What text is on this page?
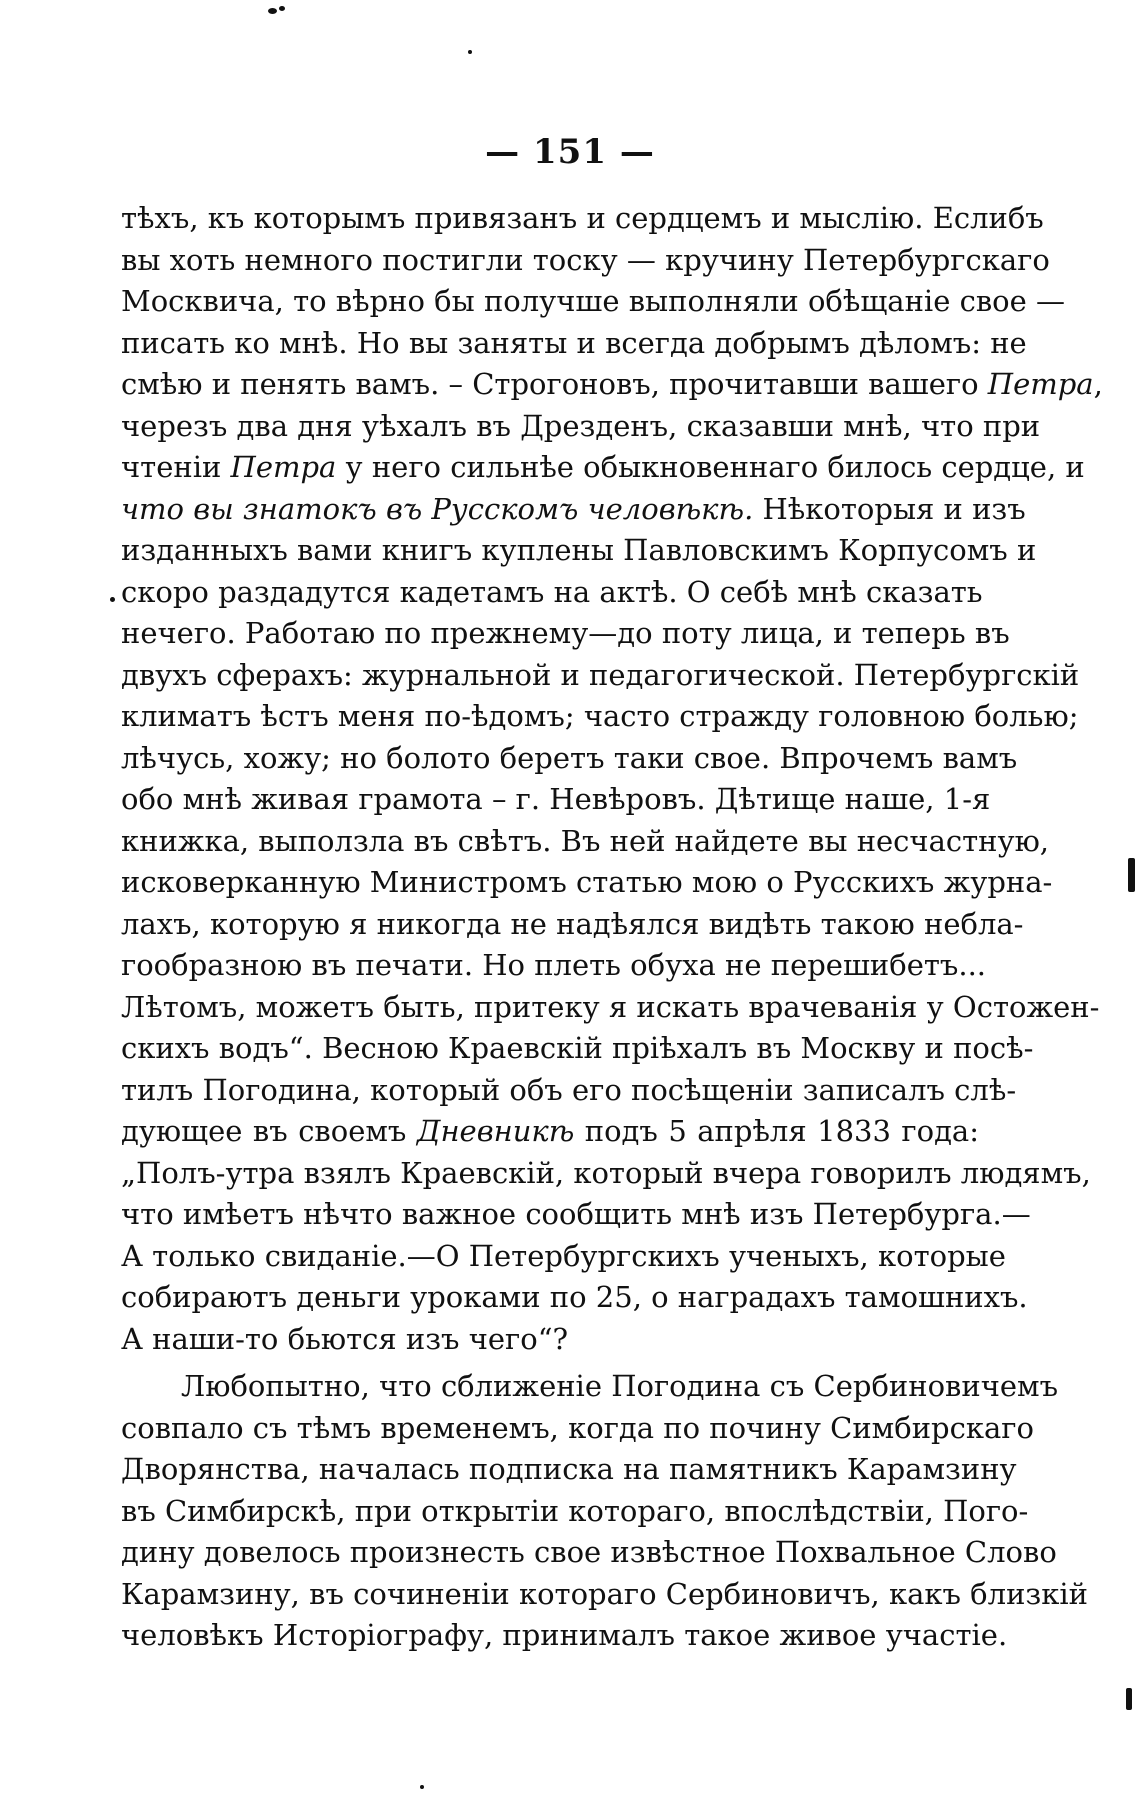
— 151 —
тѣхъ, къ которымъ привязанъ и сердцемъ и мыслію. Еслибъ
вы хоть немного постигли тоску — кручину Петербургскаго
Москвича, то вѣрно бы получше выполняли обѣщаніе свое —
писать ко мнѣ. Но вы заняты и всегда добрымъ дѣломъ: не
смѣю и пенять вамъ. – Строгоновъ, прочитавши вашего Петра,
черезъ два дня уѣхалъ въ Дрезденъ, сказавши мнѣ, что при
чтеніи Петра у него сильнѣе обыкновеннаго билось сердце, и
что вы знатокъ въ Русскомъ человѣкѣ. Нѣкоторыя и изъ
изданныхъ вами книгъ куплены Павловскимъ Корпусомъ и
скоро раздадутся кадетамъ на актѣ. О себѣ мнѣ сказать
нечего. Работаю по прежнему—до поту лица, и теперь въ
двухъ сферахъ: журнальной и педагогической. Петербургскій
климатъ ѣстъ меня по-ѣдомъ; часто стражду головною болью;
лѣчусь, хожу; но болото беретъ таки свое. Впрочемъ вамъ
обо мнѣ живая грамота – г. Невѣровъ. Дѣтище наше, 1-я
книжка, выползла въ свѣтъ. Въ ней найдете вы несчастную,
исковерканную Министромъ статью мою о Русскихъ журна-
лахъ, которую я никогда не надѣялся видѣть такою небла-
гообразною въ печати. Но плеть обуха не перешибетъ...
Лѣтомъ, можетъ быть, притеку я искать врачеванія у Остожен-
скихъ водъ“. Весною Краевскій пріѣхалъ въ Москву и посѣ-
тилъ Погодина, который объ его посѣщеніи записалъ слѣ-
дующее въ своемъ Дневникѣ подъ 5 апрѣля 1833 года:
„Полъ-утра взялъ Краевскій, который вчера говорилъ людямъ,
что имѣетъ нѣчто важное сообщить мнѣ изъ Петербурга.—
А только свиданіе.—О Петербургскихъ ученыхъ, которые
собираютъ деньги уроками по 25, о наградахъ тамошнихъ.
А наши-то бьются изъ чего“?
Любопытно, что сближеніе Погодина съ Сербиновичемъ
совпало съ тѣмъ временемъ, когда по почину Симбирскаго
Дворянства, началась подписка на памятникъ Карамзину
въ Симбирскѣ, при открытіи котораго, впослѣдствіи, Пого-
дину довелось произнесть свое извѣстное Похвальное Слово
Карамзину, въ сочиненіи котораго Сербиновичъ, какъ близкій
человѣкъ Исторіографу, принималъ такое живое участіе.
